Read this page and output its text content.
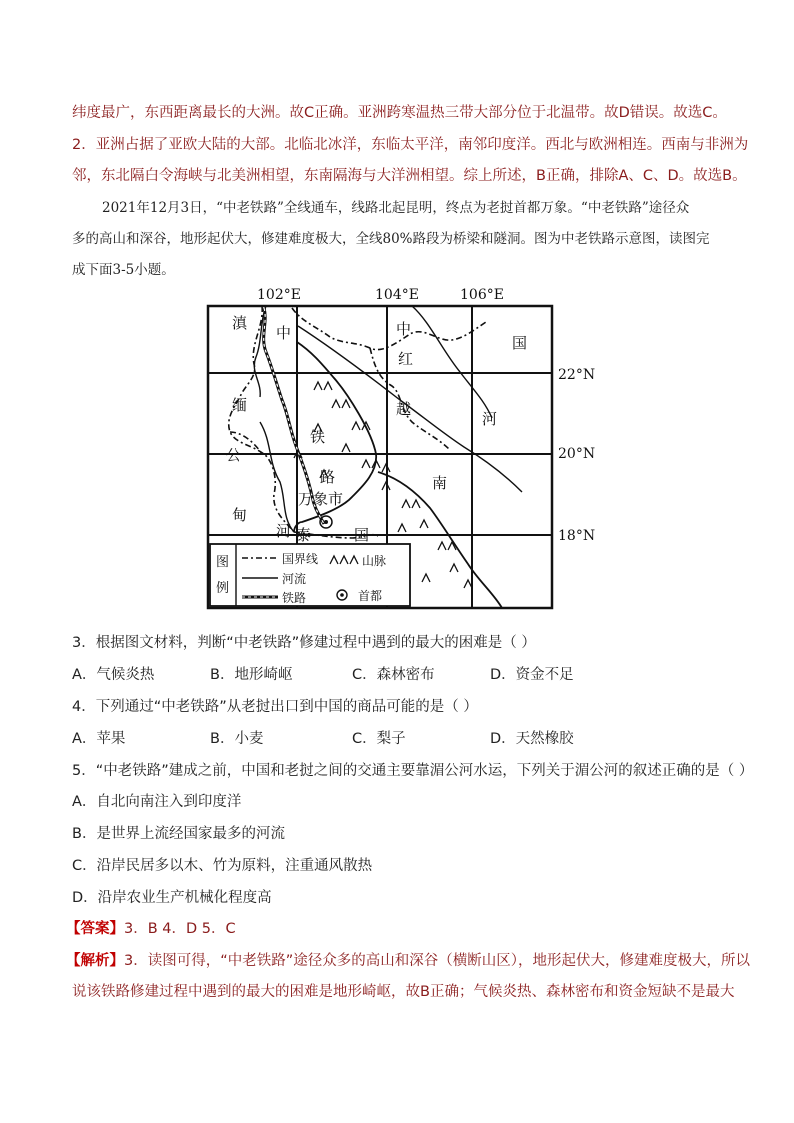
纬度最广，东西距离最长的大洲。故C正确。亚洲跨寒温热三带大部分位于北温带。故D错误。故选C。
2．亚洲占据了亚欧大陆的大部。北临北冰洋，东临太平洋，南邻印度洋。西北与欧洲相连。西南与非洲为
邻，东北隔白令海峡与北美洲相望，东南隔海与大洋洲相望。综上所述，B正确，排除A、C、D。故选B。
2021年12月3日，“中老铁路”全线通车，线路北起昆明，终点为老挝首都万象。“中老铁路”途径众
多的高山和深谷，地形起伏大，修建难度极大，全线80%路段为桥梁和隧洞。图为中老铁路示意图，读图完
成下面3-5小题。
102°E	104°E	106°E
22°N
20°N
18°N
滇
中	中
国
红
河
越
缅
公
甸
河
铁
路
万象市
泰	国
南
图
例
国界线
河流
铁路
山脉
首都
3．根据图文材料，判断“中老铁路”修建过程中遇到的最大的困难是（ ）
A．气候炎热	B．地形崎岖	C．森林密布	D．资金不足
4．下列通过“中老铁路”从老挝出口到中国的商品可能的是（ ）
A．苹果	B．小麦	C．梨子	D．天然橡胶
5．“中老铁路”建成之前，中国和老挝之间的交通主要靠湄公河水运，下列关于湄公河的叙述正确的是（ ）
A．自北向南注入到印度洋
B．是世界上流经国家最多的河流
C．沿岸民居多以木、竹为原料，注重通风散热
D．沿岸农业生产机械化程度高
【答案】3．B 4．D 5．C
【解析】3．读图可得，“中老铁路”途径众多的高山和深谷（横断山区），地形起伏大，修建难度极大，所以
说该铁路修建过程中遇到的最大的困难是地形崎岖，故B正确；气候炎热、森林密布和资金短缺不是最大
